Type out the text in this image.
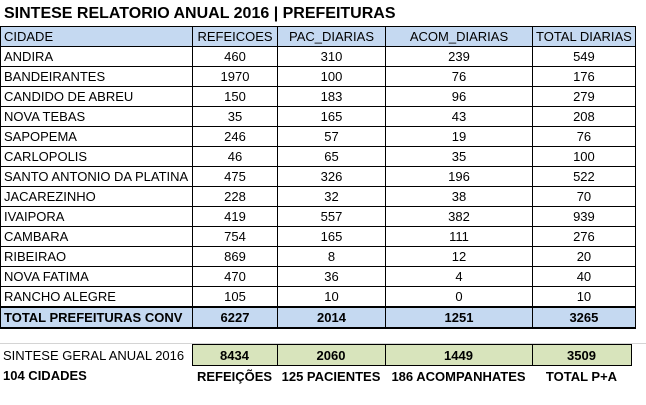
SINTESE RELATORIO ANUAL 2016 | PREFEITURAS
CIDADE	REFEICOES	PAC_DIARIAS	ACOM_DIARIAS	TOTAL DIARIAS
ANDIRA	460	310	239	549
BANDEIRANTES	1970	100	76	176
CANDIDO DE ABREU	150	183	96	279
NOVA TEBAS	35	165	43	208
SAPOPEMA	246	57	19	76
CARLOPOLIS	46	65	35	100
SANTO ANTONIO DA PLATINA	475	326	196	522
JACAREZINHO	228	32	38	70
IVAIPORA	419	557	382	939
CAMBARA	754	165	111	276
RIBEIRAO	869	8	12	20
NOVA FATIMA	470	36	4	40
RANCHO ALEGRE	105	10	0	10
TOTAL PREFEITURAS CONV	6227	2014	1251	3265
SINTESE GERAL ANUAL 2016	8434	2060	1449	3509
104 CIDADES	REFEIÇÕES	125 PACIENTES	186 ACOMPANHATES	TOTAL P+A
